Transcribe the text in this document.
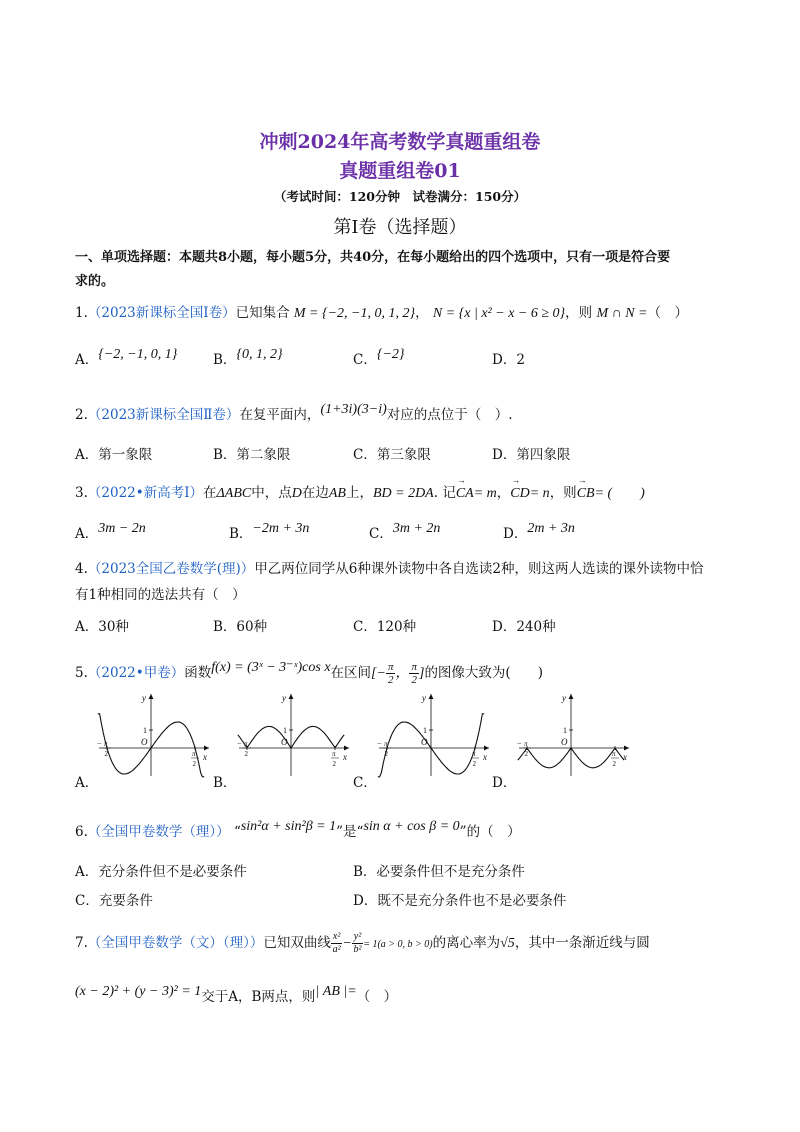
冲刺2024年高考数学真题重组卷
真题重组卷01
（考试时间：120分钟　试卷满分：150分）
第I卷（选择题）
一、单项选择题：本题共8小题，每小题5分，共40分，在每小题给出的四个选项中，只有一项是符合要
求的。
1.（2023新课标全国Ⅰ卷）已知集合 M = {−2, −1, 0, 1, 2}， N = {x | x² − x − 6 ≥ 0}，则 M ∩ N =（　）
A．{−2, −1, 0, 1}	B．{0, 1, 2}	C．{−2}	D．2
2.（2023新课标全国Ⅱ卷）在复平面内，(1+3i)(3−i)对应的点位于（　）.
A．第一象限	B．第二象限	C．第三象限	D．第四象限
3.（2022•新高考Ⅰ）在ΔABC中，点D在边AB上，BD = 2DA. 记→ CA= m，→ CD= n，则→ CB= (　　)
A．3m − 2n	B．−2m + 3n	C．3m + 2n	D．2m + 3n
4.（2023全国乙卷数学(理)）甲乙两位同学从6种课外读物中各自选读2种，则这两人选读的课外读物中恰
有1种相同的选法共有（　）
A．30种	B．60种	C．120种	D．240种
5.（2022•甲卷）函数f(x) = (3ˣ − 3⁻ˣ)cos x在区间[− $\frac{\pi}{2}$ ， $\frac{\pi}{2}$ ]的图像大致为(　　)
y
x
O
− π
2	π
2
1
y
x
O
− π
2	π
2
1
y
x
O
− π
2	π
2
1
y
x
O
− π
2	π
2
1
A．	B．	C．	D．
6.（全国甲卷数学（理）） “sin²α + sin²β = 1”是“sin α + cos β = 0”的（　）
A．充分条件但不是必要条件	B．必要条件但不是充分条件
C．充要条件	D．既不是充分条件也不是必要条件
7.（全国甲卷数学（文）（理））已知双曲线 $\frac{\text{x²}}{\text{a²}} - \frac{\text{y²}}{\text{b²}} = 1(a > 0$, b > 0)的离心率为√5，其中一条渐近线与圆
(x − 2)² + (y − 3)² = 1交于A，B两点，则| AB |=（　）
